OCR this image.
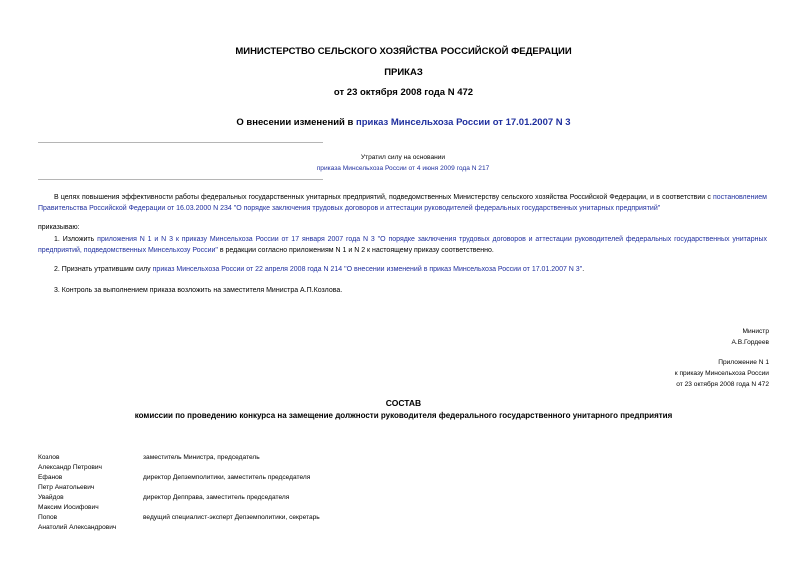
МИНИСТЕРСТВО СЕЛЬСКОГО ХОЗЯЙСТВА РОССИЙСКОЙ ФЕДЕРАЦИИ
ПРИКАЗ
от 23 октября 2008 года N 472
О внесении изменений в приказ Минсельхоза России от 17.01.2007 N 3
Утратил силу на основании
приказа Минсельхоза России от 4 июня 2009 года N 217
В целях повышения эффективности работы федеральных государственных унитарных предприятий, подведомственных Министерству сельского хозяйства Российской Федерации, и в соответствии с постановлением Правительства Российской Федерации от 16.03.2000 N 234 "О порядке заключения трудовых договоров и аттестации руководителей федеральных государственных унитарных предприятий"
приказываю:
1. Изложить приложения N 1 и N 3 к приказу Минсельхоза России от 17 января 2007 года N 3 "О порядке заключения трудовых договоров и аттестации руководителей федеральных государственных унитарных предприятий, подведомственных Минсельхозу России" в редакции согласно приложениям N 1 и N 2 к настоящему приказу соответственно.
2. Признать утратившим силу приказ Минсельхоза России от 22 апреля 2008 года N 214 "О внесении изменений в приказ Минсельхоза России от 17.01.2007 N 3".
3. Контроль за выполнением приказа возложить на заместителя Министра А.П.Козлова.
Министр
А.В.Гордеев
Приложение N 1
к приказу Минсельхоза России
от 23 октября 2008 года N 472
СОСТАВ
комиссии по проведению конкурса на замещение должности руководителя федерального государственного унитарного предприятия
Козлов
Александр Петрович
заместитель Министра, председатель
Ефанов
Петр Анатольевич
директор Депземполитики, заместитель председателя
Увайдов
Максим Иосифович
директор Депправа, заместитель председателя
Попов
Анатолий Александрович
ведущий специалист-эксперт Депземполитики, секретарь
